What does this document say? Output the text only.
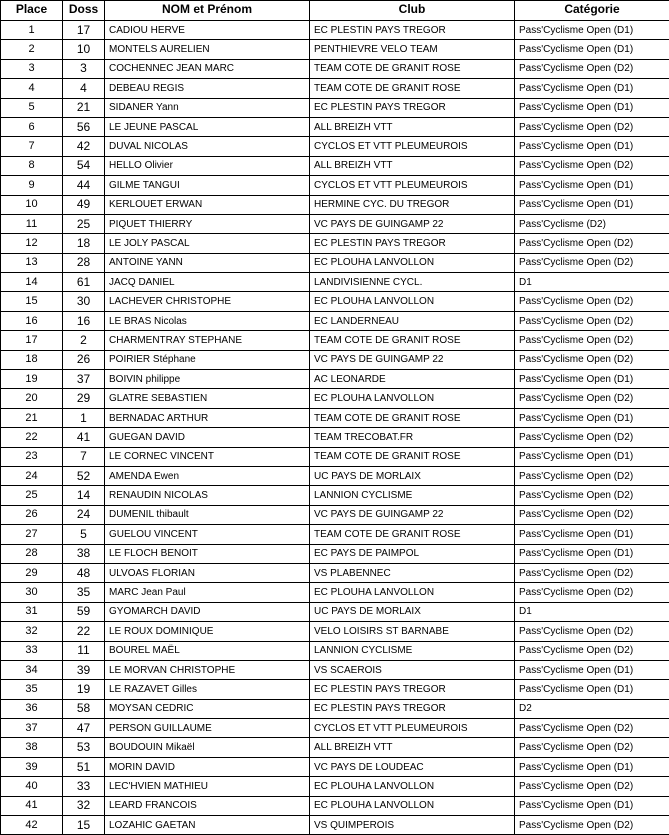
Place	Doss	NOM et Prénom	Club	Catégorie
1	17	CADIOU HERVE	EC PLESTIN PAYS TREGOR	Pass'Cyclisme Open (D1)
2	10	MONTELS AURELIEN	PENTHIEVRE VELO TEAM	Pass'Cyclisme Open (D1)
3	3	COCHENNEC JEAN MARC	TEAM COTE DE GRANIT ROSE	Pass'Cyclisme Open (D2)
4	4	DEBEAU REGIS	TEAM COTE DE GRANIT ROSE	Pass'Cyclisme Open (D1)
5	21	SIDANER Yann	EC PLESTIN PAYS TREGOR	Pass'Cyclisme Open (D1)
6	56	LE JEUNE PASCAL	ALL BREIZH VTT	Pass'Cyclisme Open (D2)
7	42	DUVAL NICOLAS	CYCLOS ET VTT PLEUMEUROIS	Pass'Cyclisme Open (D1)
8	54	HELLO Olivier	ALL BREIZH VTT	Pass'Cyclisme Open (D2)
9	44	GILME TANGUI	CYCLOS ET VTT PLEUMEUROIS	Pass'Cyclisme Open (D1)
10	49	KERLOUET ERWAN	HERMINE CYC. DU TREGOR	Pass'Cyclisme Open (D1)
11	25	PIQUET THIERRY	VC PAYS DE GUINGAMP 22	Pass'Cyclisme (D2)
12	18	LE JOLY PASCAL	EC PLESTIN PAYS TREGOR	Pass'Cyclisme Open (D2)
13	28	ANTOINE YANN	EC PLOUHA LANVOLLON	Pass'Cyclisme Open (D2)
14	61	JACQ DANIEL	LANDIVISIENNE CYCL.	D1
15	30	LACHEVER CHRISTOPHE	EC PLOUHA LANVOLLON	Pass'Cyclisme Open (D2)
16	16	LE BRAS Nicolas	EC LANDERNEAU	Pass'Cyclisme Open (D2)
17	2	CHARMENTRAY STEPHANE	TEAM COTE DE GRANIT ROSE	Pass'Cyclisme Open (D2)
18	26	POIRIER Stéphane	VC PAYS DE GUINGAMP 22	Pass'Cyclisme Open (D2)
19	37	BOIVIN philippe	AC LEONARDE	Pass'Cyclisme Open (D1)
20	29	GLATRE SEBASTIEN	EC PLOUHA LANVOLLON	Pass'Cyclisme Open (D2)
21	1	BERNADAC ARTHUR	TEAM COTE DE GRANIT ROSE	Pass'Cyclisme Open (D1)
22	41	GUEGAN DAVID	TEAM TRECOBAT.FR	Pass'Cyclisme Open (D2)
23	7	LE CORNEC VINCENT	TEAM COTE DE GRANIT ROSE	Pass'Cyclisme Open (D1)
24	52	AMENDA Ewen	UC PAYS DE MORLAIX	Pass'Cyclisme Open (D2)
25	14	RENAUDIN NICOLAS	LANNION CYCLISME	Pass'Cyclisme Open (D2)
26	24	DUMENIL thibault	VC PAYS DE GUINGAMP 22	Pass'Cyclisme Open (D2)
27	5	GUELOU VINCENT	TEAM COTE DE GRANIT ROSE	Pass'Cyclisme Open (D1)
28	38	LE FLOCH BENOIT	EC PAYS DE PAIMPOL	Pass'Cyclisme Open (D1)
29	48	ULVOAS FLORIAN	VS PLABENNEC	Pass'Cyclisme Open (D2)
30	35	MARC Jean Paul	EC PLOUHA LANVOLLON	Pass'Cyclisme Open (D2)
31	59	GYOMARCH DAVID	UC PAYS DE MORLAIX	D1
32	22	LE ROUX DOMINIQUE	VELO LOISIRS ST BARNABE	Pass'Cyclisme Open (D2)
33	11	BOUREL MAËL	LANNION CYCLISME	Pass'Cyclisme Open (D2)
34	39	LE MORVAN CHRISTOPHE	VS SCAEROIS	Pass'Cyclisme Open (D1)
35	19	LE RAZAVET Gilles	EC PLESTIN PAYS TREGOR	Pass'Cyclisme Open (D1)
36	58	MOYSAN CEDRIC	EC PLESTIN PAYS TREGOR	D2
37	47	PERSON GUILLAUME	CYCLOS ET VTT PLEUMEUROIS	Pass'Cyclisme Open (D2)
38	53	BOUDOUIN Mikaël	ALL BREIZH VTT	Pass'Cyclisme Open (D2)
39	51	MORIN DAVID	VC PAYS DE LOUDEAC	Pass'Cyclisme Open (D1)
40	33	LEC'HVIEN MATHIEU	EC PLOUHA LANVOLLON	Pass'Cyclisme Open (D2)
41	32	LEARD FRANCOIS	EC PLOUHA LANVOLLON	Pass'Cyclisme Open (D1)
42	15	LOZAHIC GAETAN	VS QUIMPEROIS	Pass'Cyclisme Open (D2)
